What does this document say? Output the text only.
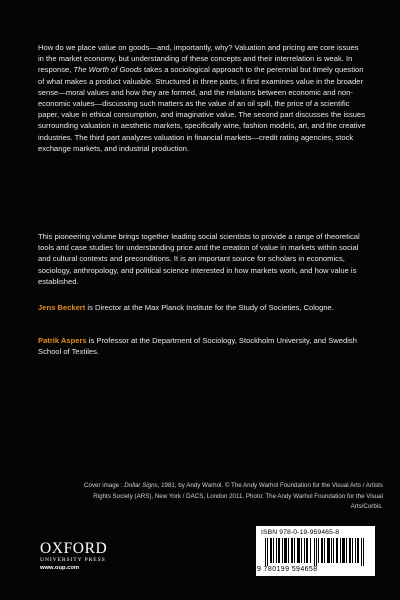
How do we place value on goods—and, importantly, why? Valuation and pricing are core issues in the market economy, but understanding of these concepts and their interrelation is weak. In response, The Worth of Goods takes a sociological approach to the perennial but timely question of what makes a product valuable. Structured in three parts, it first examines value in the broader sense—moral values and how they are formed, and the relations between economic and non-economic values—discussing such matters as the value of an oil spill, the price of a scientific paper, value in ethical consumption, and imaginative value. The second part discusses the issues surrounding valuation in aesthetic markets, specifically wine, fashion models, art, and the creative industries. The third part analyzes valuation in financial markets—credit rating agencies, stock exchange markets, and industrial production.

This pioneering volume brings together leading social scientists to provide a range of theoretical tools and case studies for understanding price and the creation of value in markets within social and cultural contexts and preconditions. It is an important source for scholars in economics, sociology, anthropology, and political science interested in how markets work, and how value is established.

Jens Beckert is Director at the Max Planck Institute for the Study of Societies, Cologne.

Patrik Aspers is Professor at the Department of Sociology, Stockholm University, and Swedish School of Textiles.

Cover image : Dollar Signs, 1981, by Andy Warhol. © The Andy Warhol Foundation for the Visual Arts / Artists Rights Society (ARS), New York / DACS, London 2011. Photo: The Andy Warhol Foundation for the Visual Arts/Corbis.

OXFORD
UNIVERSITY PRESS
www.oup.com
ISBN 978-0-19-959465-8
9 780199 594658
